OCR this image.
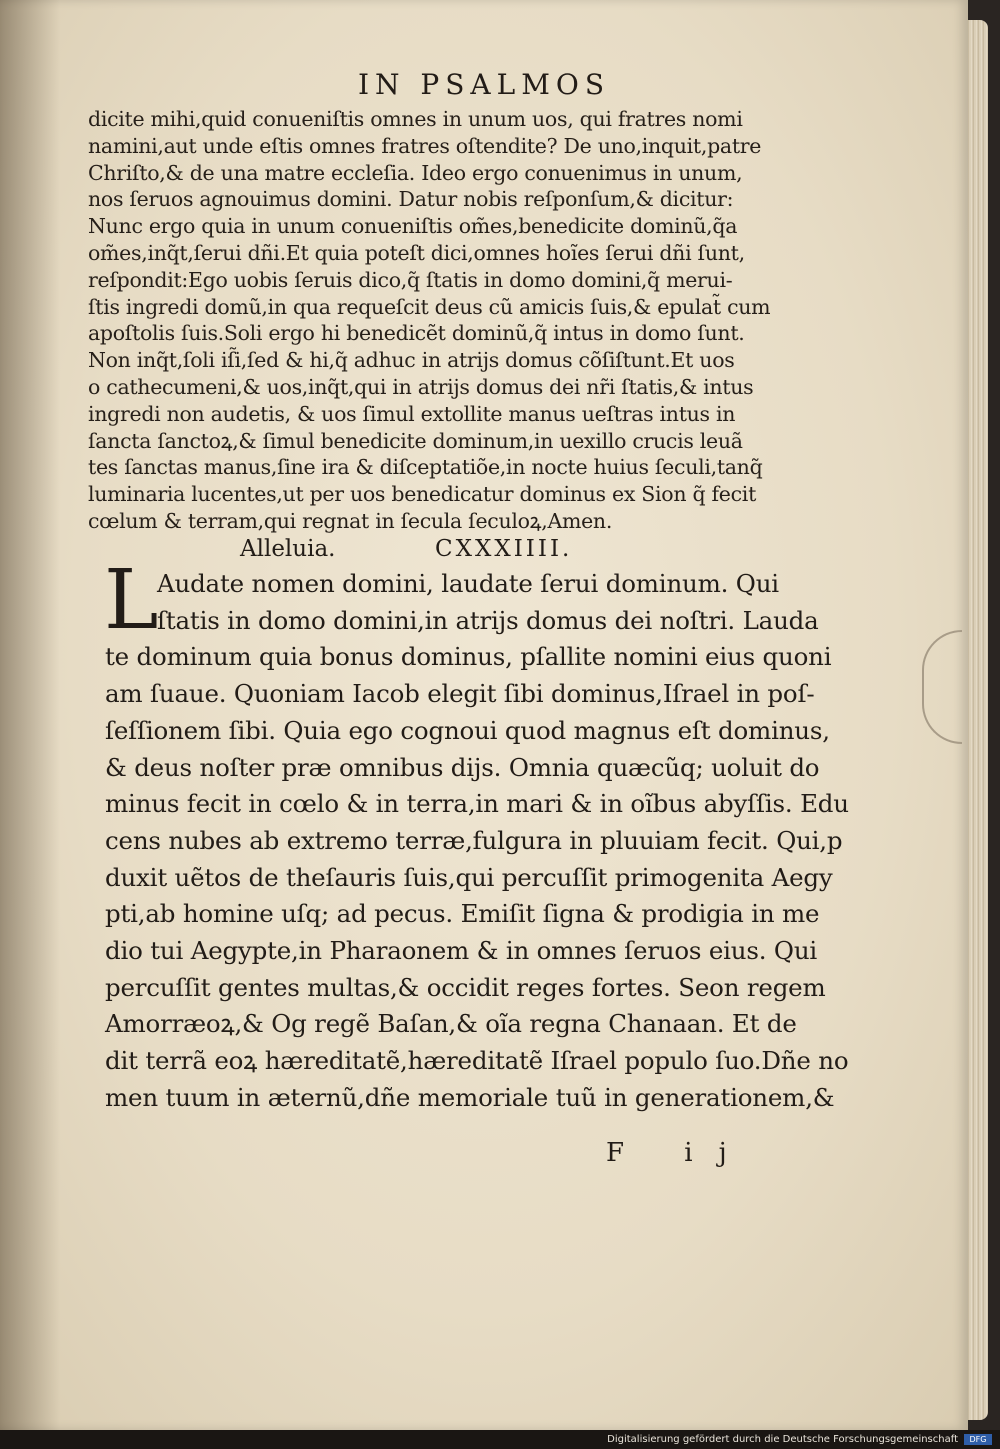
IN PSALMOS
dicite mihi,quid conueniſtis omnes in unum uos, qui fratres nomi
namini,aut unde eſtis omnes fratres oſtendite? De uno,inquit,patre
Chriſto,& de una matre eccleſia. Ideo ergo conuenimus in unum,
nos ſeruos agnouimus domini. Datur nobis reſponſum,& dicitur:
Nunc ergo quia in unum conueniſtis om̃es,benedicite dominũ,q̃a
om̃es,inq̃t,ſerui dñi.Et quia poteſt dici,omnes hoĩes ſerui dñi ſunt,
reſpondit:Ego uobis ſeruis dico,q̃ ſtatis in domo domini,q̃ merui-
ſtis ingredi domũ,in qua requeſcit deus cũ amicis ſuis,& epulat̃ cum
apoſtolis ſuis.Soli ergo hi benedicẽt dominũ,q̃ intus in domo ſunt.
Non inq̃t,ſoli iſ̃i,ſed & hi,q̃ adhuc in atrijs domus cõſiſtunt.Et uos
o cathecumeni,& uos,inq̃t,qui in atrijs domus dei nr̃i ſtatis,& intus
ingredi non audetis, & uos ſimul extollite manus ueſtras intus in
ſancta ſanctoꝝ,& ſimul benedicite dominum,in uexillo crucis leuã
tes ſanctas manus,ſine ira & diſceptatiõe,in nocte huius ſeculi,tanq̃
luminaria lucentes,ut per uos benedicatur dominus ex Sion q̃ fecit
cœlum & terram,qui regnat in ſecula ſeculoꝝ,Amen.
Alleluia.	CXXXIIII.
L
Audate nomen domini, laudate ſerui dominum. Qui
ſtatis in domo domini,in atrijs domus dei noſtri. Lauda
te dominum quia bonus dominus, pſallite nomini eius quoni
am ſuaue. Quoniam Iacob elegit ſibi dominus,Iſrael in poſ-
ſeſſionem ſibi. Quia ego cognoui quod magnus eſt dominus,
& deus noſter præ omnibus dijs. Omnia quæcũq; uoluit do
minus fecit in cœlo & in terra,in mari & in oĩbus abyſſis. Edu
cens nubes ab extremo terræ,fulgura in pluuiam fecit. Qui,p
duxit uẽtos de theſauris ſuis,qui percuſſit primogenita Aegy
pti,ab homine uſq; ad pecus. Emiſit ſigna & prodigia in me
dio tui Aegypte,in Pharaonem & in omnes ſeruos eius. Qui
percuſſit gentes multas,& occidit reges fortes. Seon regem
Amorræoꝝ,& Og regẽ Baſan,& oĩa regna Chanaan. Et de
dit terrã eoꝝ hæreditatẽ,hæreditatẽ Iſrael populo ſuo.Dñe no
men tuum in æternũ,dñe memoriale tuũ in generationem,&
F ij
Digitalisierung gefördert durch die Deutsche Forschungsgemeinschaft	DFG
